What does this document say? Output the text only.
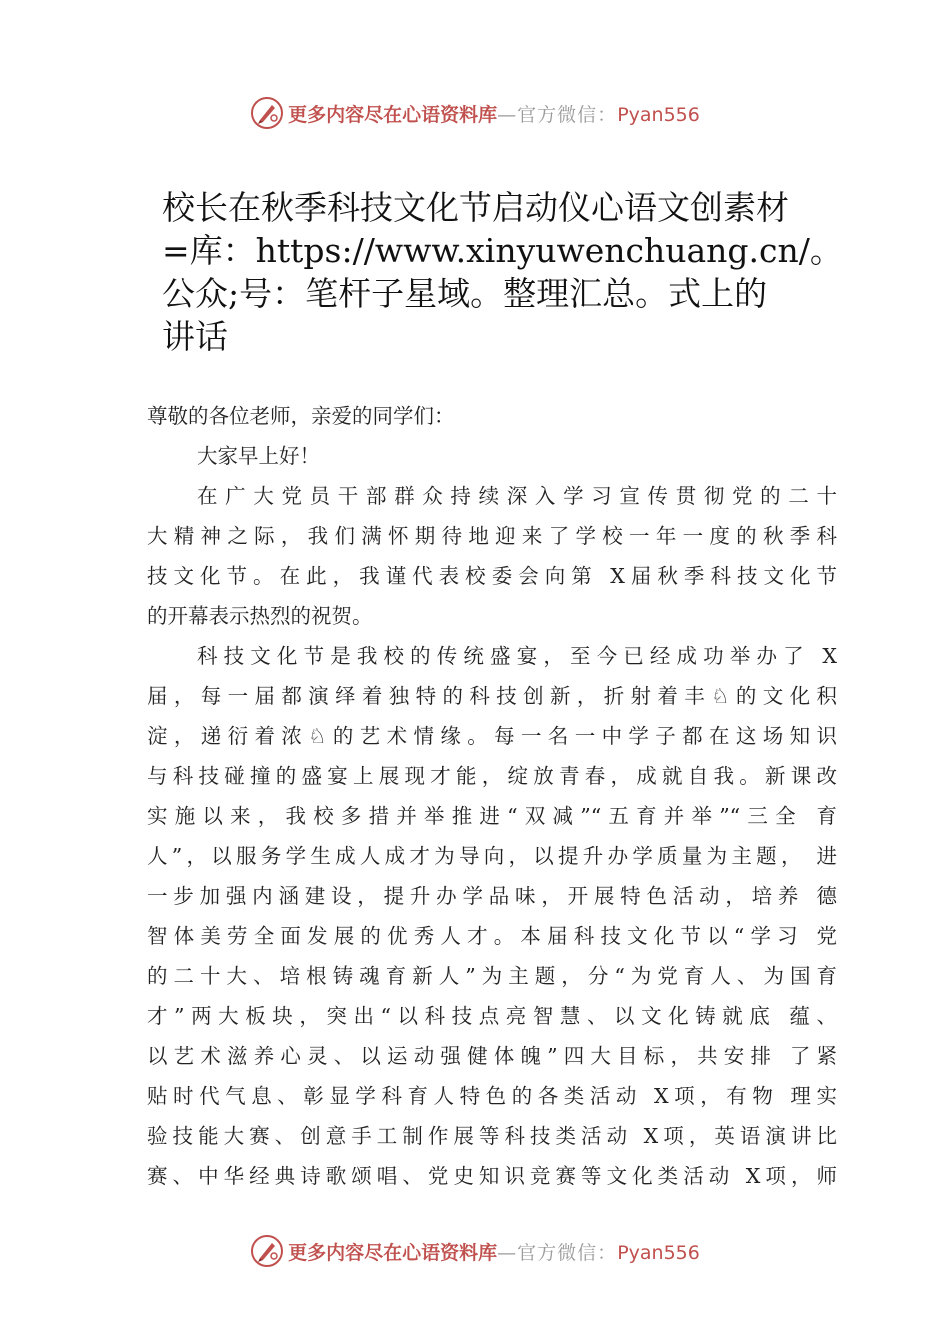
更多内容尽在心语资料库—官方微信：Pyan556
校长在秋季科技文化节启动仪心语文创素材
=库：https://www.xinyuwenchuang.cn/。
公众;号：笔杆子星域。整理汇总。式上的
讲话
尊敬的各位老师，亲爱的同学们：
大家早上好！
在广大党员干部群众持续深入学习宣传贯彻党的二十
大精神之际，我们满怀期待地迎来了学校一年一度的秋季科
技文化节。在此，我谨代表校委会向第 X届秋季科技文化节
的开幕表示热烈的祝贺。
科技文化节是我校的传统盛宴，至今已经成功举办了 X
届，每一届都演绎着独特的科技创新，折射着丰♘的文化积
淀，递衍着浓♘的艺术情缘。每一名一中学子都在这场知识
与科技碰撞的盛宴上展现才能，绽放青春，成就自我。新课改
实施以来，我校多措并举推进“双减”“五育并举”“三全 育
人”，以服务学生成人成才为导向，以提升办学质量为主题， 进
一步加强内涵建设，提升办学品味，开展特色活动，培养 德
智体美劳全面发展的优秀人才。本届科技文化节以“学习 党
的二十大、培根铸魂育新人”为主题，分“为党育人、为国育
才”两大板块，突出“以科技点亮智慧、以文化铸就底 蕴、
以艺术滋养心灵、以运动强健体魄”四大目标，共安排 了紧
贴时代气息、彰显学科育人特色的各类活动 X项，有物 理实
验技能大赛、创意手工制作展等科技类活动 X项，英语演讲比
赛、中华经典诗歌颂唱、党史知识竞赛等文化类活动 X项，师
更多内容尽在心语资料库—官方微信：Pyan556
